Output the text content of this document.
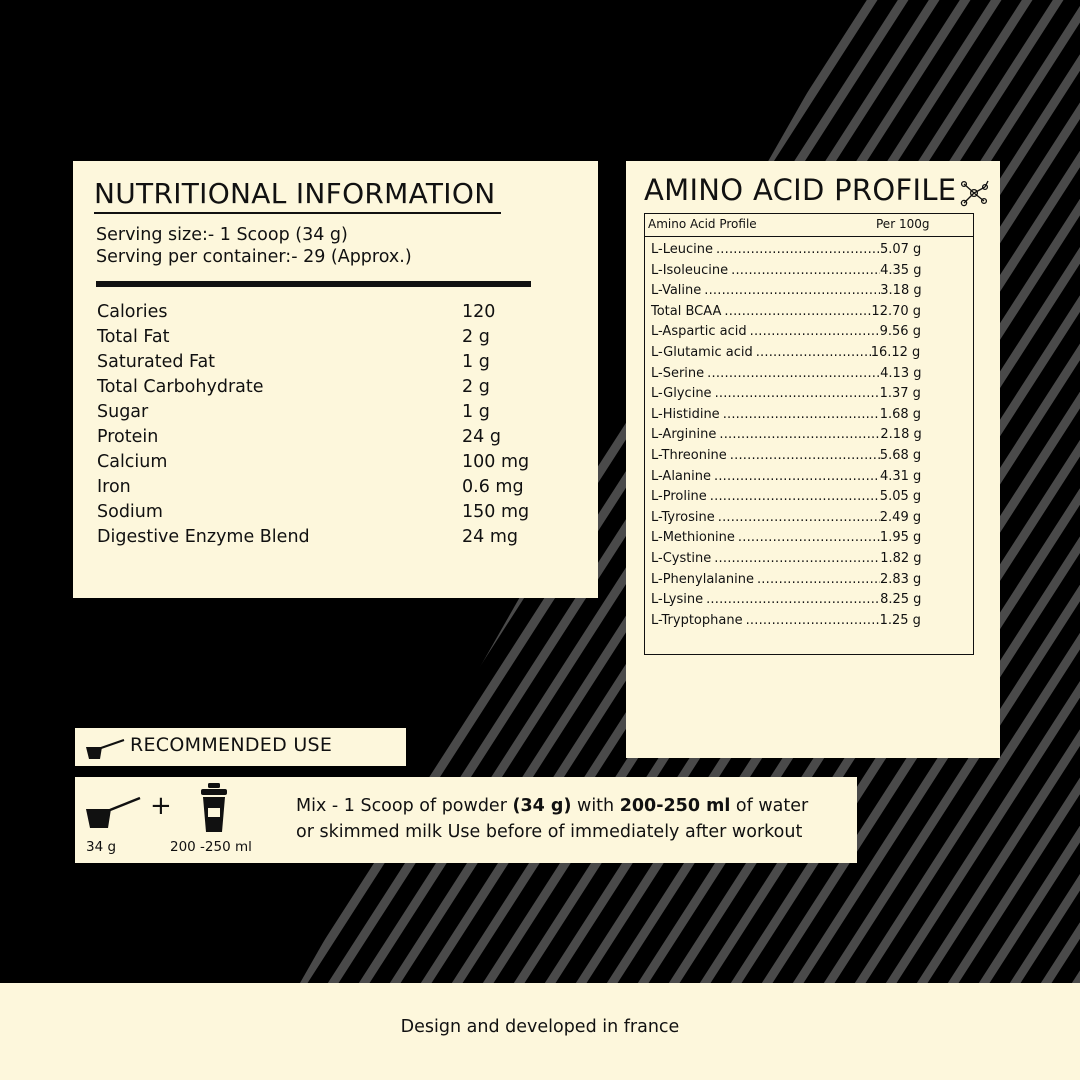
NUTRITIONAL INFORMATION
Serving size:- 1 Scoop (34 g)
Serving per container:- 29 (Approx.)
Calories	120
Total Fat	2 g
Saturated Fat	1 g
Total Carbohydrate	2 g
Sugar	1 g
Protein	24 g
Calcium	100 mg
Iron	0.6 mg
Sodium	150 mg
Digestive Enzyme Blend	24 mg
AMINO ACID PROFILE
Amino Acid Profile	Per 100g
L-Leucine .....	5.07 g
L-Isoleucine .....	4.35 g
L-Valine .....	3.18 g
Total BCAA .....	12.70 g
L-Aspartic acid .....	9.56 g
L-Glutamic acid .....	16.12 g
L-Serine .....	4.13 g
L-Glycine .....	1.37 g
L-Histidine .....	1.68 g
L-Arginine .....	2.18 g
L-Threonine .....	5.68 g
L-Alanine .....	4.31 g
L-Proline .....	5.05 g
L-Tyrosine .....	2.49 g
L-Methionine .....	1.95 g
L-Cystine .....	1.82 g
L-Phenylalanine .....	2.83 g
L-Lysine .....	8.25 g
L-Tryptophane .....	1.25 g
RECOMMENDED USE
+
34 g	200 -250 ml
Mix - 1 Scoop of powder (34 g) with 200-250 ml of water
or skimmed milk Use before of immediately after workout
Design and developed in france
